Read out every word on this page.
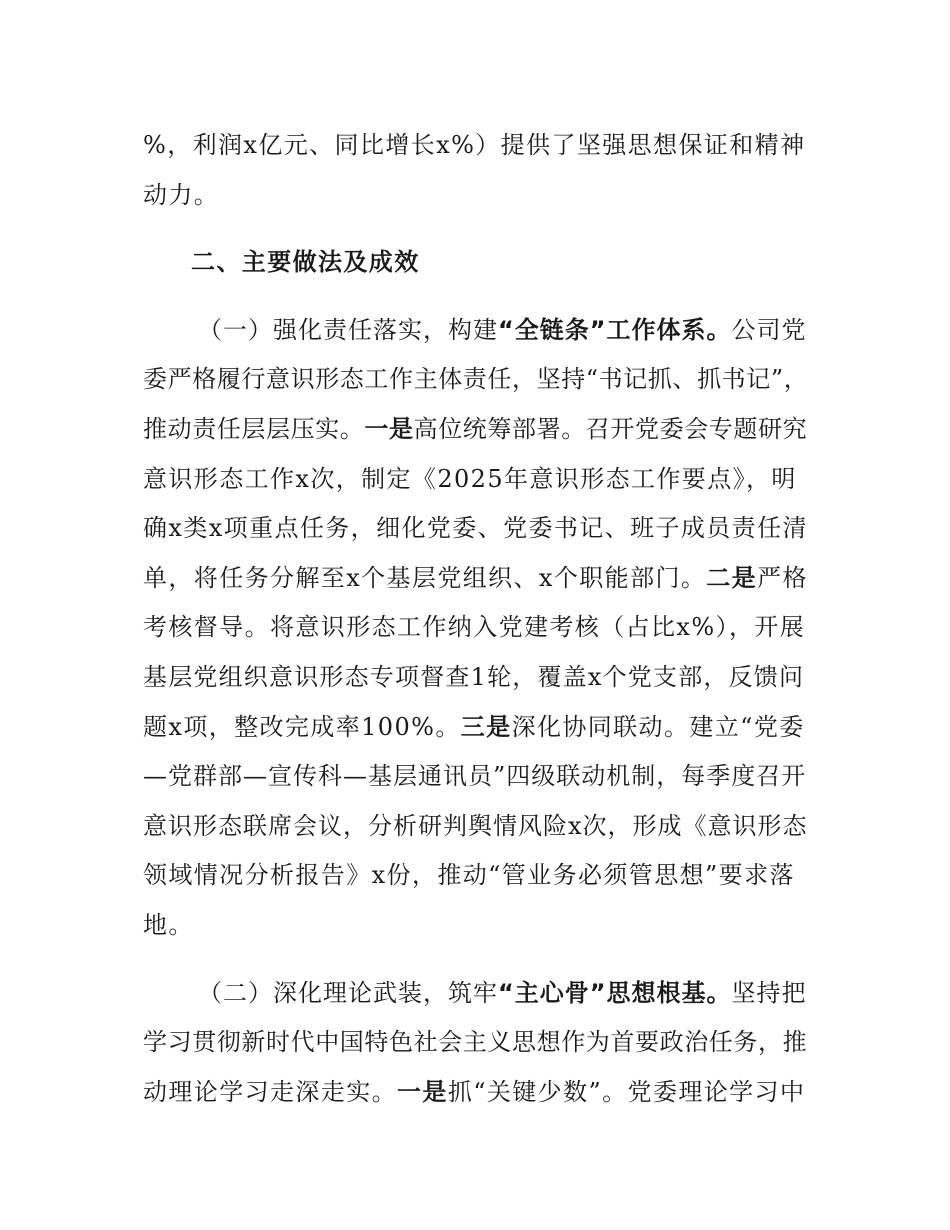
%，利润x亿元、同比增长x%）提供了坚强思想保证和精神
动力。
二、主要做法及成效
（一）强化责任落实，构建“全链条”工作体系。公司党
委严格履行意识形态工作主体责任，坚持“书记抓、抓书记”，
推动责任层层压实。一是高位统筹部署。召开党委会专题研究
意识形态工作x次，制定《2025年意识形态工作要点》，明
确x类x项重点任务，细化党委、党委书记、班子成员责任清
单，将任务分解至x个基层党组织、x个职能部门。二是严格
考核督导。将意识形态工作纳入党建考核（占比x%），开展
基层党组织意识形态专项督查1轮，覆盖x个党支部，反馈问
题x项，整改完成率100%。三是深化协同联动。建立“党委
—党群部—宣传科—基层通讯员”四级联动机制，每季度召开
意识形态联席会议，分析研判舆情风险x次，形成《意识形态
领域情况分析报告》x份，推动“管业务必须管思想”要求落
地。
（二）深化理论武装，筑牢“主心骨”思想根基。坚持把
学习贯彻新时代中国特色社会主义思想作为首要政治任务，推
动理论学习走深走实。一是抓“关键少数”。党委理论学习中
